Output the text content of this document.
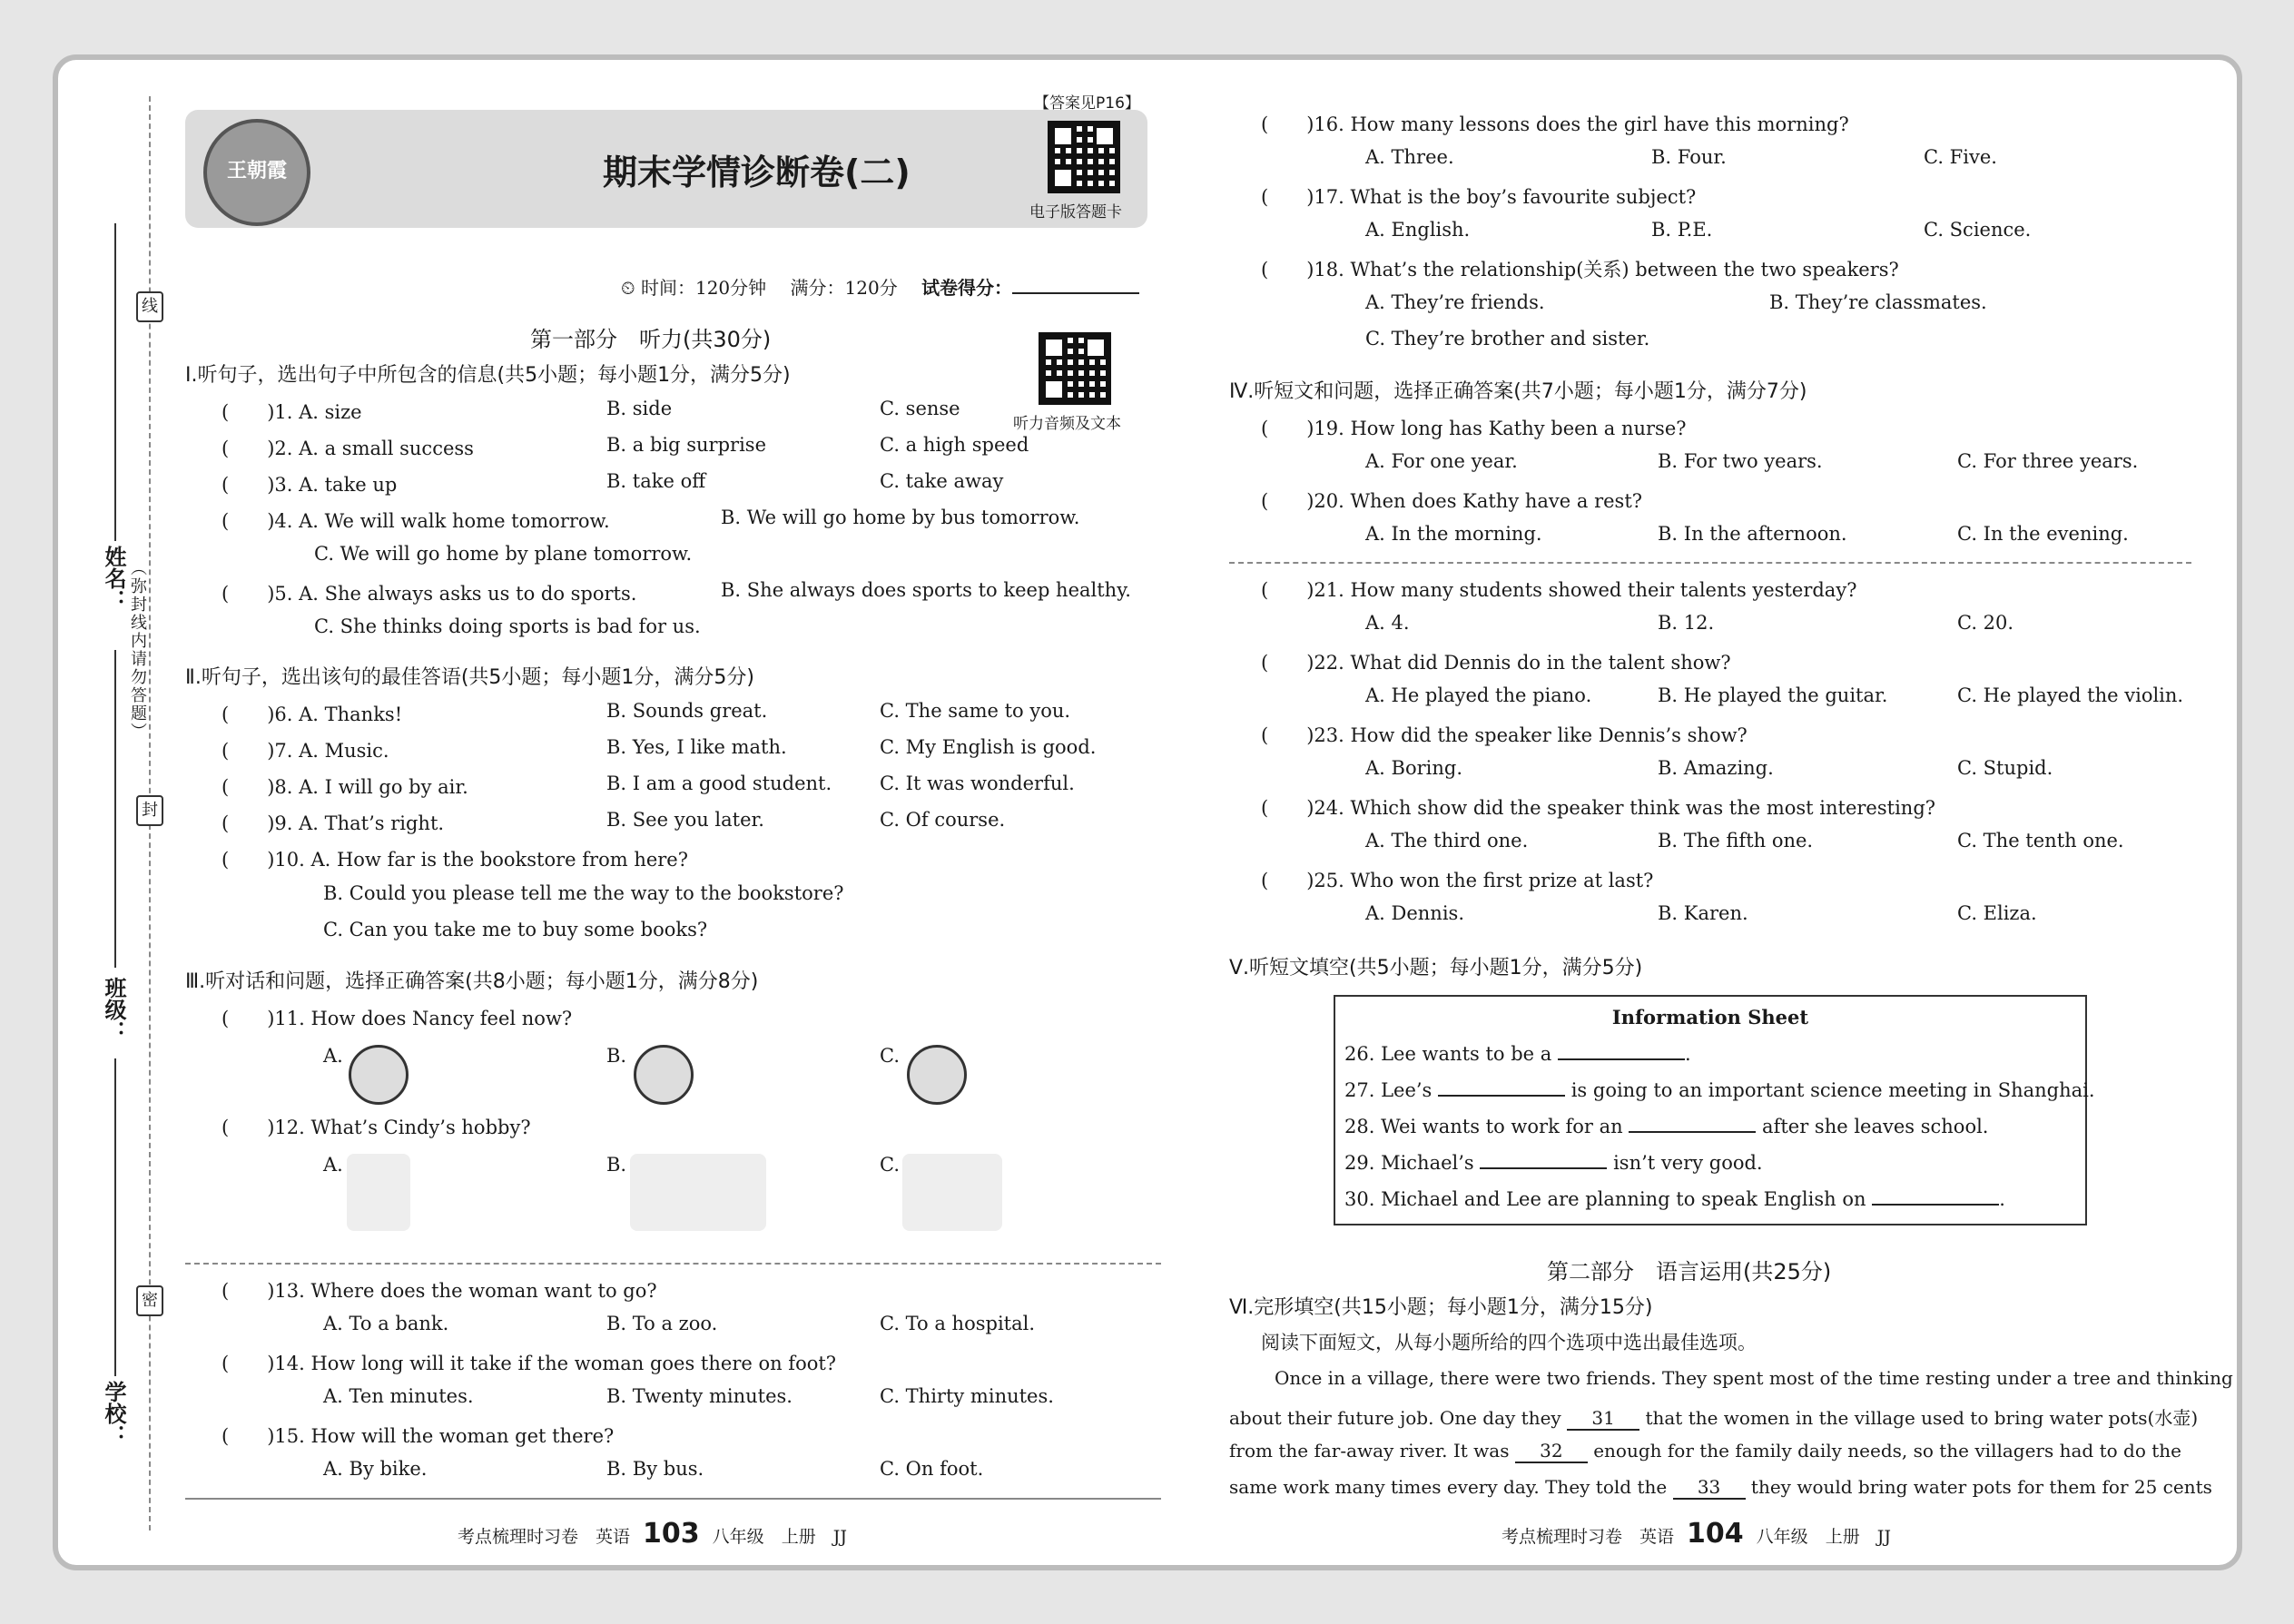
线
封
密
（弥封线内请勿答题）
姓名：
班级：
学校：
王朝霞	期末学情诊断卷(二)
【答案见P16】
电子版答题卡
⏲ 时间：120分钟　 满分：120分　 试卷得分：
第一部分　听力(共30分)
听力音频及文本
Ⅰ.听句子，选出句子中所包含的信息(共5小题；每小题1分，满分5分)
(　　)1. A. size	B. side	C. sense
(　　)2. A. a small success	B. a big surprise	C. a high speed
(　　)3. A. take up	B. take off	C. take away
(　　)4. A. We will walk home tomorrow.	B. We will go home by bus tomorrow.
C. We will go home by plane tomorrow.
(　　)5. A. She always asks us to do sports.	B. She always does sports to keep healthy.
C. She thinks doing sports is bad for us.
Ⅱ.听句子，选出该句的最佳答语(共5小题；每小题1分，满分5分)
(　　)6. A. Thanks!	B. Sounds great.	C. The same to you.
(　　)7. A. Music.	B. Yes, I like math.	C. My English is good.
(　　)8. A. I will go by air.	B. I am a good student.	C. It was wonderful.
(　　)9. A. That’s right.	B. See you later.	C. Of course.
(　　)10. A. How far is the bookstore from here?
B. Could you please tell me the way to the bookstore?
C. Can you take me to buy some books?
Ⅲ.听对话和问题，选择正确答案(共8小题；每小题1分，满分8分)
(　　)11. How does Nancy feel now?
A.	B.	C.
(　　)12. What’s Cindy’s hobby?
A.	B.	C.
(　　)13. Where does the woman want to go?
A. To a bank.	B. To a zoo.	C. To a hospital.
(　　)14. How long will it take if the woman goes there on foot?
A. Ten minutes.	B. Twenty minutes.	C. Thirty minutes.
(　　)15. How will the woman get there?
A. By bike.	B. By bus.	C. On foot.
考点梳理时习卷　 英语 103 八年级　 上册　 JJ
(　　)16. How many lessons does the girl have this morning?
A. Three.	B. Four.	C. Five.
(　　)17. What is the boy’s favourite subject?
A. English.	B. P.E.	C. Science.
(　　)18. What’s the relationship(关系) between the two speakers?
A. They’re friends.	B. They’re classmates.
C. They’re brother and sister.
Ⅳ.听短文和问题，选择正确答案(共7小题；每小题1分，满分7分)
(　　)19. How long has Kathy been a nurse?
A. For one year.	B. For two years.	C. For three years.
(　　)20. When does Kathy have a rest?
A. In the morning.	B. In the afternoon.	C. In the evening.
(　　)21. How many students showed their talents yesterday?
A. 4.	B. 12.	C. 20.
(　　)22. What did Dennis do in the talent show?
A. He played the piano.	B. He played the guitar.	C. He played the violin.
(　　)23. How did the speaker like Dennis’s show?
A. Boring.	B. Amazing.	C. Stupid.
(　　)24. Which show did the speaker think was the most interesting?
A. The third one.	B. The fifth one.	C. The tenth one.
(　　)25. Who won the first prize at last?
A. Dennis.	B. Karen.	C. Eliza.
Ⅴ.听短文填空(共5小题；每小题1分，满分5分)
Information Sheet
26. Lee wants to be a	.
27. Lee’s	is going to an important science meeting in Shanghai.
28. Wei wants to work for an	after she leaves school.
29. Michael’s	isn’t very good.
30. Michael and Lee are planning to speak English on	.
第二部分　语言运用(共25分)
Ⅵ.完形填空(共15小题；每小题1分，满分15分)
阅读下面短文，从每小题所给的四个选项中选出最佳选项。
Once in a village, there were two friends. They spent most of the time resting under a tree and thinking
about their future job. One day they 31 that the women in the village used to bring water pots(水壶)
from the far-away river. It was 32 enough for the family daily needs, so the villagers had to do the
same work many times every day. They told the 33 they would bring water pots for them for 25 cents
考点梳理时习卷　 英语 104 八年级　 上册　 JJ
